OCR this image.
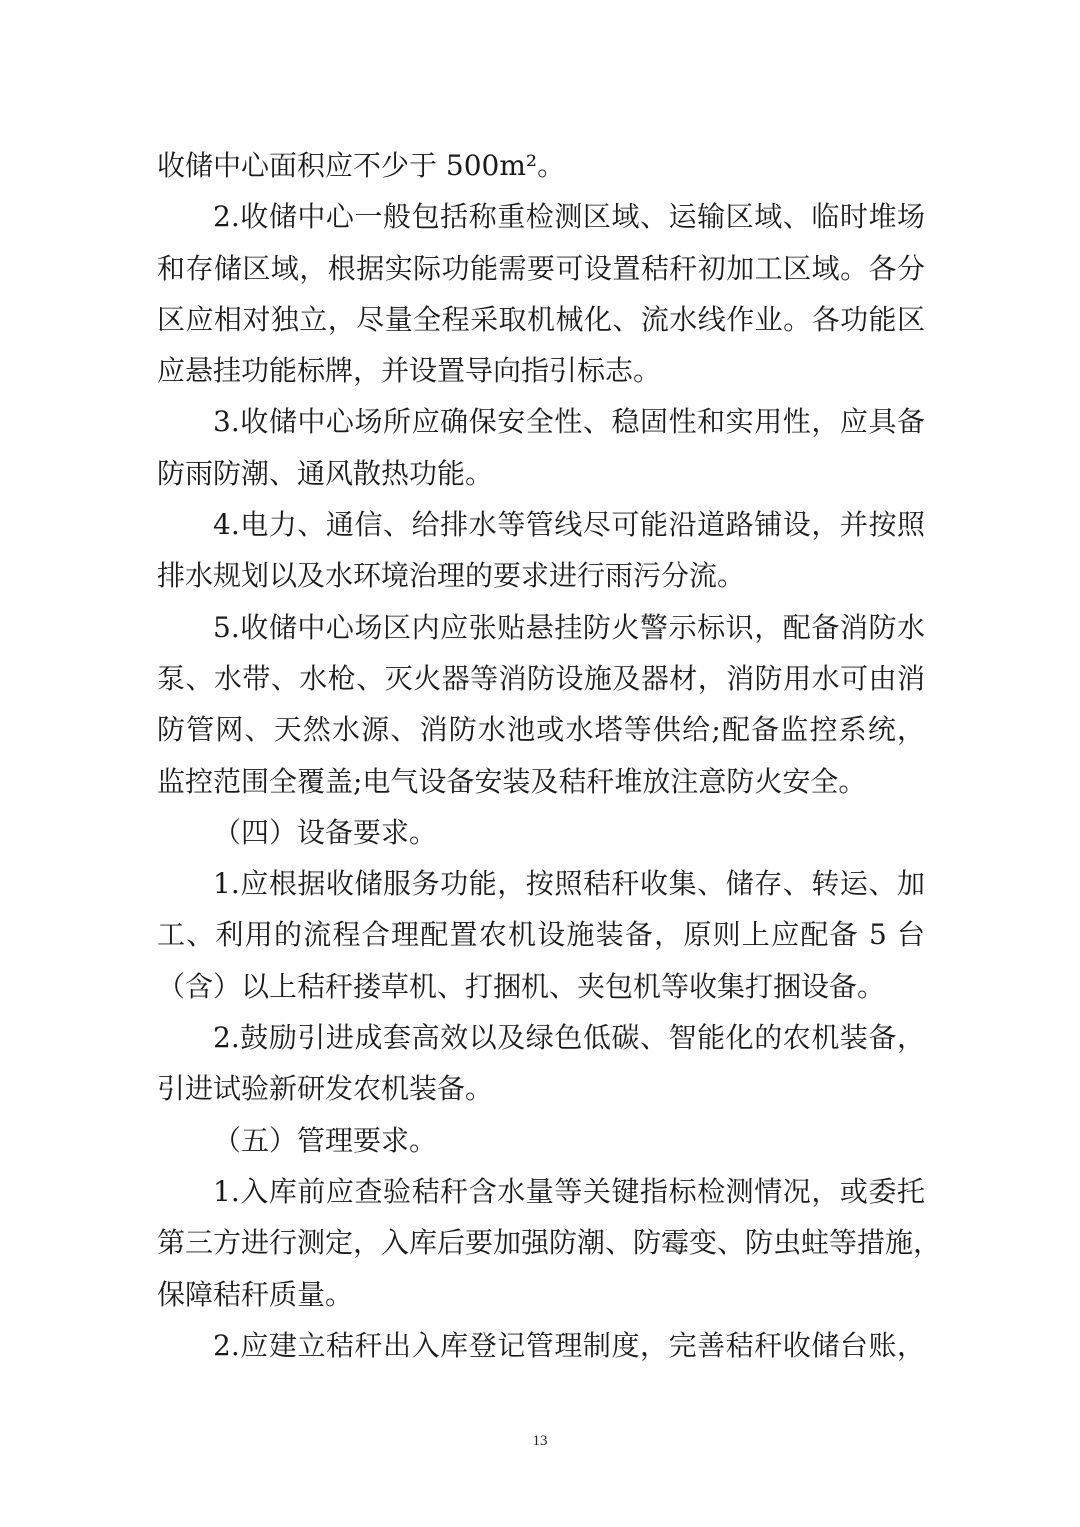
收储中心面积应不少于 500m²。
2.收储中心一般包括称重检测区域、运输区域、临时堆场
和存储区域，根据实际功能需要可设置秸秆初加工区域。各分
区应相对独立，尽量全程采取机械化、流水线作业。各功能区
应悬挂功能标牌，并设置导向指引标志。
3.收储中心场所应确保安全性、稳固性和实用性，应具备
防雨防潮、通风散热功能。
4.电力、通信、给排水等管线尽可能沿道路铺设，并按照
排水规划以及水环境治理的要求进行雨污分流。
5.收储中心场区内应张贴悬挂防火警示标识，配备消防水
泵、水带、水枪、灭火器等消防设施及器材，消防用水可由消
防管网、天然水源、消防水池或水塔等供给;配备监控系统，
监控范围全覆盖;电气设备安装及秸秆堆放注意防火安全。
（四）设备要求。
1.应根据收储服务功能，按照秸秆收集、储存、转运、加
工、利用的流程合理配置农机设施装备，原则上应配备 5 台
（含）以上秸秆搂草机、打捆机、夹包机等收集打捆设备。
2.鼓励引进成套高效以及绿色低碳、智能化的农机装备，
引进试验新研发农机装备。
（五）管理要求。
1.入库前应查验秸秆含水量等关键指标检测情况，或委托
第三方进行测定，入库后要加强防潮、防霉变、防虫蛀等措施，
保障秸秆质量。
2.应建立秸秆出入库登记管理制度，完善秸秆收储台账，
13
